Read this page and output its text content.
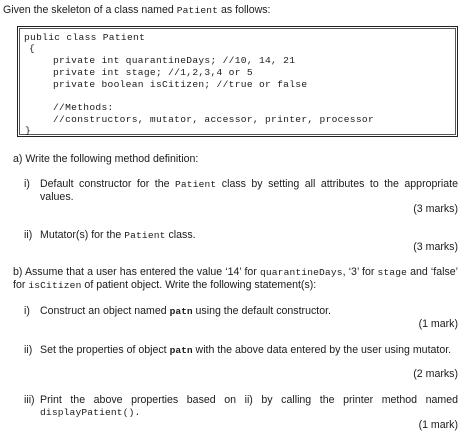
Given the skeleton of a class named Patient as follows:
public class Patient
{
private int quarantineDays; //10, 14, 21
private int stage; //1,2,3,4 or 5
private boolean isCitizen; //true or false
//Methods:
//constructors, mutator, accessor, printer, processor
}
a) Write the following method definition:
i) Default constructor for the Patient class by setting all attributes to the appropriate values.
(3 marks)
ii) Mutator(s) for the Patient class.
(3 marks)
b) Assume that a user has entered the value ‘14’ for quarantineDays, ‘3’ for stage and ‘false’ for isCitizen of patient object. Write the following statement(s):
i) Construct an object named patn using the default constructor.
(1 mark)
ii) Set the properties of object patn with the above data entered by the user using mutator.
(2 marks)
iii) Print the above properties based on ii) by calling the printer method named displayPatient().
(1 mark)
